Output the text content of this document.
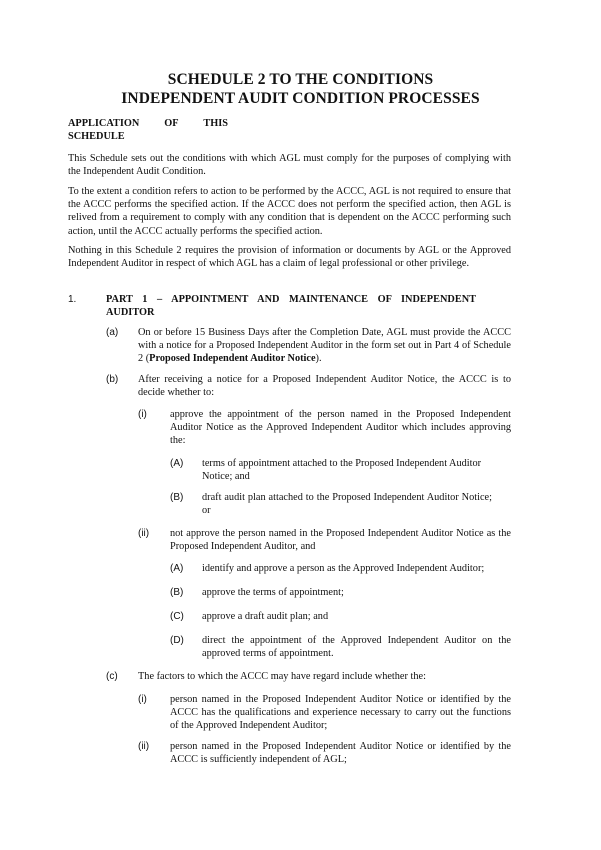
SCHEDULE 2 TO THE CONDITIONS
INDEPENDENT AUDIT CONDITION PROCESSES
APPLICATION OF THIS
SCHEDULE
This Schedule sets out the conditions with which AGL must comply for the purposes of complying with the Independent Audit Condition.
To the extent a condition refers to action to be performed by the ACCC, AGL is not required to ensure that the ACCC performs the specified action. If the ACCC does not perform the specified action, then AGL is relived from a requirement to comply with any condition that is dependent on the ACCC performing such action, until the ACCC actually performs the specified action.
Nothing in this Schedule 2 requires the provision of information or documents by AGL or the Approved Independent Auditor in respect of which AGL has a claim of legal professional or other privilege.
1.	PART 1 – APPOINTMENT AND MAINTENANCE OF INDEPENDENT AUDITOR
(a) On or before 15 Business Days after the Completion Date, AGL must provide the ACCC with a notice for a Proposed Independent Auditor in the form set out in Part 4 of Schedule 2 (Proposed Independent Auditor Notice).
(b) After receiving a notice for a Proposed Independent Auditor Notice, the ACCC is to decide whether to:
(i) approve the appointment of the person named in the Proposed Independent Auditor Notice as the Approved Independent Auditor which includes approving the:
(A) terms of appointment attached to the Proposed Independent Auditor Notice; and
(B) draft audit plan attached to the Proposed Independent Auditor Notice; or
(ii) not approve the person named in the Proposed Independent Auditor Notice as the Proposed Independent Auditor, and
(A) identify and approve a person as the Approved Independent Auditor;
(B) approve the terms of appointment;
(C) approve a draft audit plan; and
(D) direct the appointment of the Approved Independent Auditor on the approved terms of appointment.
(c) The factors to which the ACCC may have regard include whether the:
(i) person named in the Proposed Independent Auditor Notice or identified by the ACCC has the qualifications and experience necessary to carry out the functions of the Approved Independent Auditor;
(ii) person named in the Proposed Independent Auditor Notice or identified by the ACCC is sufficiently independent of AGL;
